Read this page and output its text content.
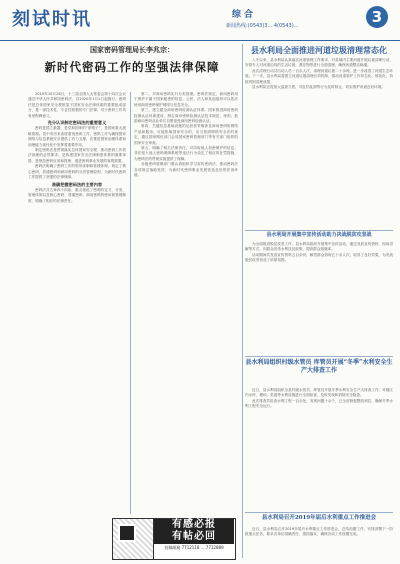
刻试时讯	综合
新闻热线:(0543)3... 4(0543)...	3
国家密码管理局长李兆宗：
新时代密码工作的坚强法律保障

2019年10月26日，十三届全国人大常委会第十四次会议通过中华人民共和国密码法，自2020年1月1日起施行。密码法是总体国家安全观框架下国家安全法律体系的重要组成部分，是一部技术性、专业性较强的专门法律，对于密码工作具有里程碑意义。

充分认识制定密码法的重要意义

密码是国之重器，是党和国家的“命根子”，是国家重大战略资源。党中央历来高度重视密码工作，密码工作为确保国家网络与信息系统安全提供了有力支撑，在推进国家治理体系和治理能力现代化中发挥着重要作用。

制定密码法是贯彻落实总体国家安全观、推动密码工作依法治理的必然要求，是构建国家安全法律制度体系的重要举措，是规范密码应用和管理、促进密码事业发展的客观需要。

密码法明确了密码工作的领导体制和管理体制，规定了核心密码、普通密码和商用密码的分类管理原则，为新时代密码工作提供了坚强的法律保障。

准确把握密码法的主要内容

密码法共五章四十四条，重点规范了密码的定义、分类、管理体制以及核心密码、普通密码、商用密码的使用和管理制度，明确了相应的法律责任。

第二，对商用密码实行分类管理。密码法规定，商用密码用于保护不属于国家秘密的信息，公民、法人和其他组织可以依法使用商用密码保护网络与信息安全。

第三，建立健全商用密码检测认证体系。国家推进商用密码检测认证体系建设，制定商用密码检测认证技术规范、规则，鼓励商用密码从业单位自愿接受商用密码检测认证。

第四，关键信息基础设施的运营者采购涉及商用密码的网络产品和服务，可能影响国家安全的，应当按照网络安全法的规定，通过国家网信部门会同国家密码管理部门等有关部门组织的国家安全审查。

第五，明确了相关法律责任，对窃取他人加密保护的信息、非法侵入他人密码保障系统等违法行为设定了相应的处罚措施，为密码法的贯彻实施提供了保障。

各级密码管理部门要认真组织学习宣传密码法，推动密码法各项规定落地见效，为新时代密码事业发展营造良好的法治环境。

县水利局全面推进河道垃圾清理常态化

入冬以来，县水利局认真落实河道管理工作要求，对县域内主要河道开展垃圾清理行动，安排专人对河道沿线的生活垃圾、漂浮物等进行全面清理，确保河道整洁畅通。

此次清理行动共出动人员一百余人次，清理河道垃圾二十余吨，进一步改善了河道生态环境。下一步，县水利局将建立河道垃圾清理长效机制，推动河道管护工作常态化、规范化，持续巩固清理成果。

县水利局还将加大巡查力度，对乱扔乱倒等行为及时制止，切实维护河道良好环境。

县水利局开展集中宣传活动助力决战脱贫攻坚战

为全面推进脱贫攻坚工作，县水利局组织开展集中宣传活动，通过发放宣传资料、现场讲解等方式，向群众宣传水利扶贫政策，提高群众知晓率。

活动期间共发放宣传资料五百余份，解答群众咨询五十余人次，取得了良好效果，为决战脱贫攻坚营造了浓厚氛围。

县水利局组织村级水管员 库管员开展“冬季”水利安全生产大排查工作

近日，县水利局组织全县村级水管员、库管员开展冬季水利安全生产大排查工作，对辖区内水库、塘坝、渠道等水利设施进行全面检查，及时发现和消除安全隐患。

此次排查共检查水利工程一百余处，发现问题十余个，已全部督促整改到位，确保冬季水利工程安全运行。

县水利局召开2019年届后水利重点工作推进会

近日，县水利局召开2019年届后水利重点工作推进会，总结前期工作，安排部署下一阶段重点任务，要求各单位明确责任、狠抓落实，确保各项工作按期完成。

有感必报
有帖必回
投稿邮箱 7712118 ... 7712889
